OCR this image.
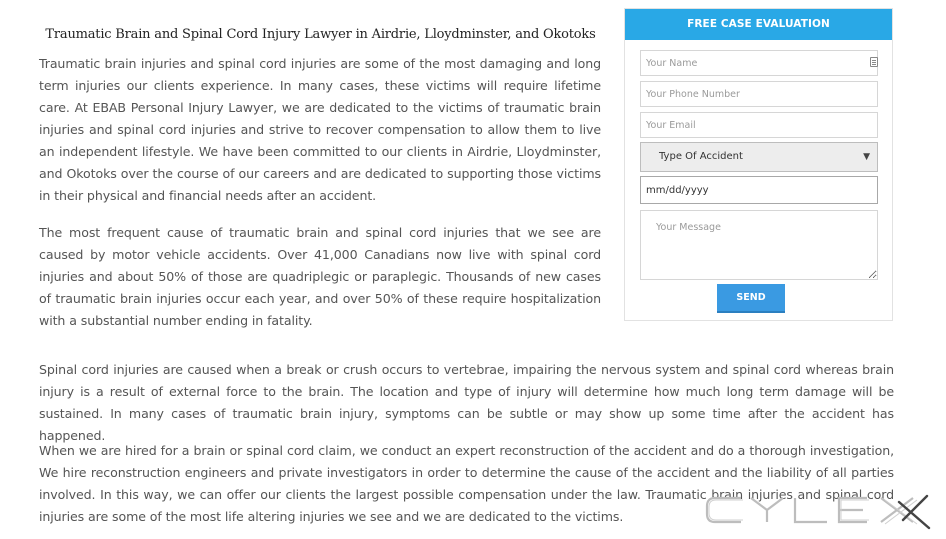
Traumatic Brain and Spinal Cord Injury Lawyer in Airdrie, Lloydminster, and Okotoks

Traumatic brain injuries and spinal cord injuries are some of the most damaging and long term injuries our clients experience. In many cases, these victims will require lifetime care. At EBAB Personal Injury Lawyer, we are dedicated to the victims of traumatic brain injuries and spinal cord injuries and strive to recover compensation to allow them to live an independent lifestyle. We have been committed to our clients in Airdrie, Lloydminster, and Okotoks over the course of our careers and are dedicated to supporting those victims in their physical and financial needs after an accident.

The most frequent cause of traumatic brain and spinal cord injuries that we see are caused by motor vehicle accidents. Over 41,000 Canadians now live with spinal cord injuries and about 50% of those are quadriplegic or paraplegic. Thousands of new cases of traumatic brain injuries occur each year, and over 50% of these require hospitalization with a substantial number ending in fatality.

Spinal cord injuries are caused when a break or crush occurs to vertebrae, impairing the nervous system and spinal cord whereas brain injury is a result of external force to the brain. The location and type of injury will determine how much long term damage will be sustained. In many cases of traumatic brain injury, symptoms can be subtle or may show up some time after the accident has happened.

When we are hired for a brain or spinal cord claim, we conduct an expert reconstruction of the accident and do a thorough investigation, We hire reconstruction engineers and private investigators in order to determine the cause of the accident and the liability of all parties involved. In this way, we can offer our clients the largest possible compensation under the law. Traumatic brain injuries and spinal cord injuries are some of the most life altering injuries we see and we are dedicated to the victims.

FREE CASE EVALUATION
Your Name
Your Phone Number
Your Email
Type Of Accident	▼
mm/dd/yyyy
Your Message
SEND
